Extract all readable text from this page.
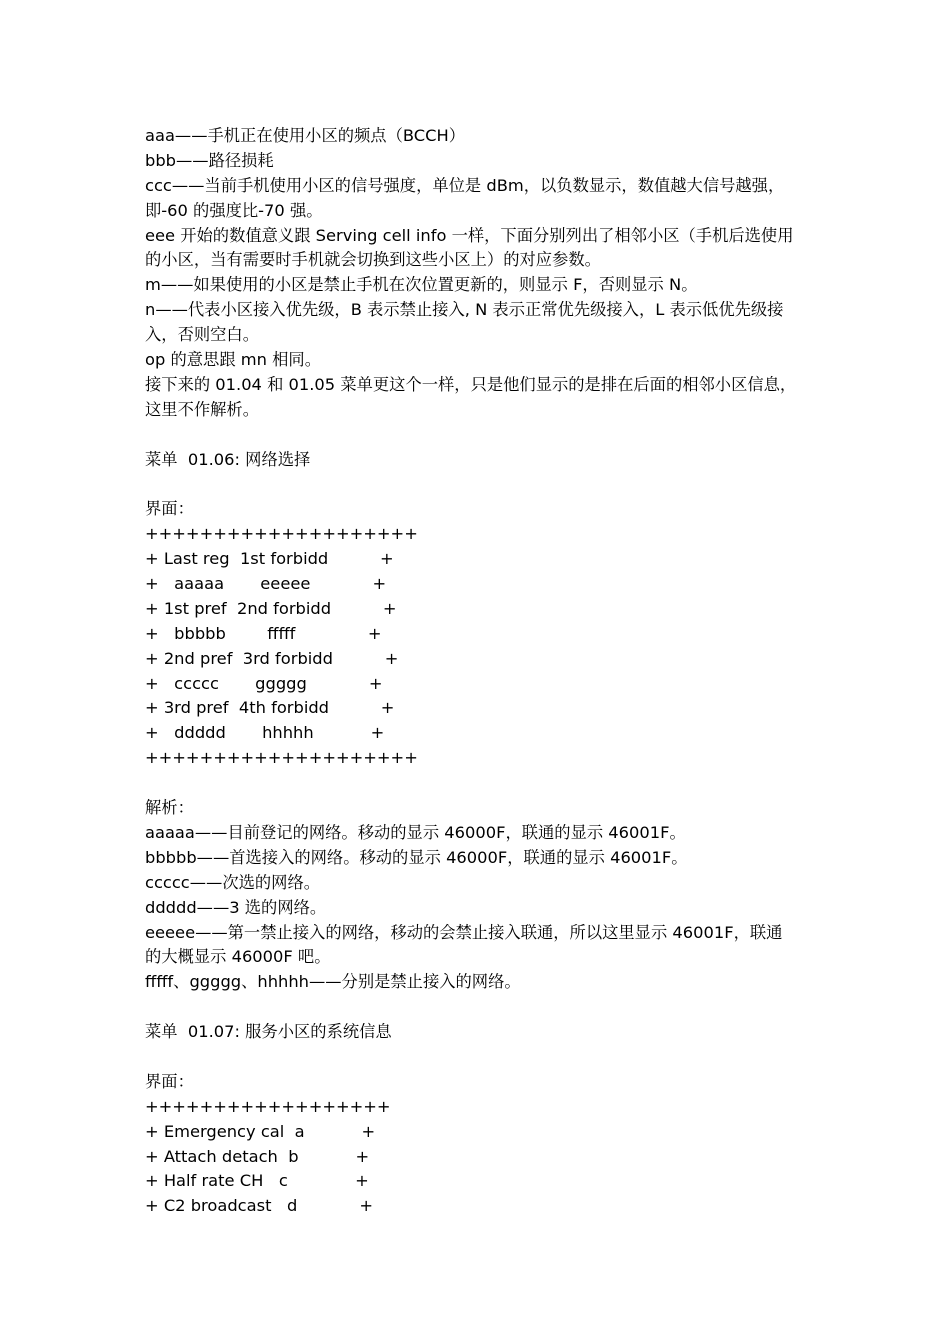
aaa——手机正在使用小区的频点（BCCH）
bbb——路径损耗
ccc——当前手机使用小区的信号强度，单位是 dBm，以负数显示，数值越大信号越强，
即-60 的强度比-70 强。
eee 开始的数值意义跟 Serving cell info 一样，下面分别列出了相邻小区（手机后选使用
的小区，当有需要时手机就会切换到这些小区上）的对应参数。
m——如果使用的小区是禁止手机在次位置更新的，则显示 F，否则显示 N。
n——代表小区接入优先级，B 表示禁止接入, N 表示正常优先级接入，L 表示低优先级接
入，否则空白。
op 的意思跟 mn 相同。
接下来的 01.04 和 01.05 菜单更这个一样，只是他们显示的是排在后面的相邻小区信息，
这里不作解析。
菜单  01.06: 网络选择
界面：
++++++++++++++++++++
+ Last reg  1st forbidd          +
+   aaaaa       eeeee            +
+ 1st pref  2nd forbidd          +
+   bbbbb        fffff              +
+ 2nd pref  3rd forbidd          +
+   ccccc       ggggg            +
+ 3rd pref  4th forbidd          +
+   ddddd       hhhhh           +
++++++++++++++++++++
解析：
aaaaa——目前登记的网络。移动的显示 46000F，联通的显示 46001F。
bbbbb——首选接入的网络。移动的显示 46000F，联通的显示 46001F。
ccccc——次选的网络。
ddddd——3 选的网络。
eeeee——第一禁止接入的网络，移动的会禁止接入联通，所以这里显示 46001F，联通
的大概显示 46000F 吧。
fffff、ggggg、hhhhh——分别是禁止接入的网络。
菜单  01.07: 服务小区的系统信息
界面：
++++++++++++++++++
+ Emergency cal  a           +
+ Attach detach  b           +
+ Half rate CH   c             +
+ C2 broadcast   d            +
